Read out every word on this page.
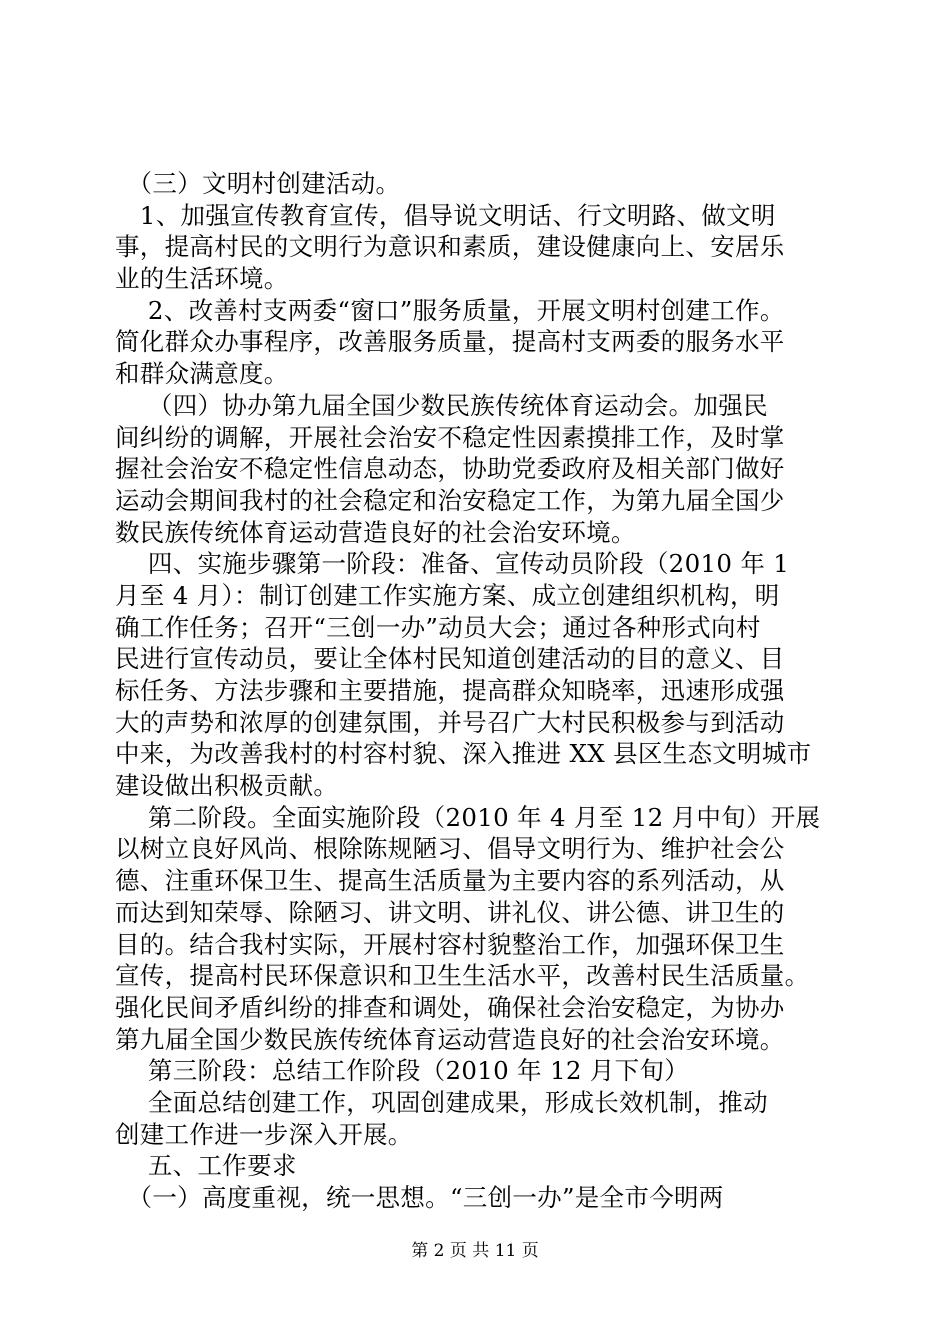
　（三）文明村创建活动。
　1、加强宣传教育宣传，倡导说文明话、行文明路、做文明
事，提高村民的文明行为意识和素质，建设健康向上、安居乐
业的生活环境。
　 2、改善村支两委“窗口”服务质量，开展文明村创建工作。
简化群众办事程序，改善服务质量，提高村支两委的服务水平
和群众满意度。
　 （四）协办第九届全国少数民族传统体育运动会。加强民
间纠纷的调解，开展社会治安不稳定性因素摸排工作，及时掌
握社会治安不稳定性信息动态，协助党委政府及相关部门做好
运动会期间我村的社会稳定和治安稳定工作，为第九届全国少
数民族传统体育运动营造良好的社会治安环境。
　 四、实施步骤第一阶段：准备、宣传动员阶段（2010 年 1
月至 4 月）：制订创建工作实施方案、成立创建组织机构，明
确工作任务；召开“三创一办”动员大会；通过各种形式向村
民进行宣传动员，要让全体村民知道创建活动的目的意义、目
标任务、方法步骤和主要措施，提高群众知晓率，迅速形成强
大的声势和浓厚的创建氛围，并号召广大村民积极参与到活动
中来，为改善我村的村容村貌、深入推进 XX 县区生态文明城市
建设做出积极贡献。
　 第二阶段。全面实施阶段（2010 年 4 月至 12 月中旬）开展
以树立良好风尚、根除陈规陋习、倡导文明行为、维护社会公
德、注重环保卫生、提高生活质量为主要内容的系列活动，从
而达到知荣辱、除陋习、讲文明、讲礼仪、讲公德、讲卫生的
目的。结合我村实际，开展村容村貌整治工作，加强环保卫生
宣传，提高村民环保意识和卫生生活水平，改善村民生活质量。
强化民间矛盾纠纷的排查和调处，确保社会治安稳定，为协办
第九届全国少数民族传统体育运动营造良好的社会治安环境。
　 第三阶段：总结工作阶段（2010 年 12 月下旬）
　 全面总结创建工作，巩固创建成果，形成长效机制，推动
创建工作进一步深入开展。
　 五、工作要求
　（一）高度重视，统一思想。“三创一办”是全市今明两
第 2 页 共 11 页
